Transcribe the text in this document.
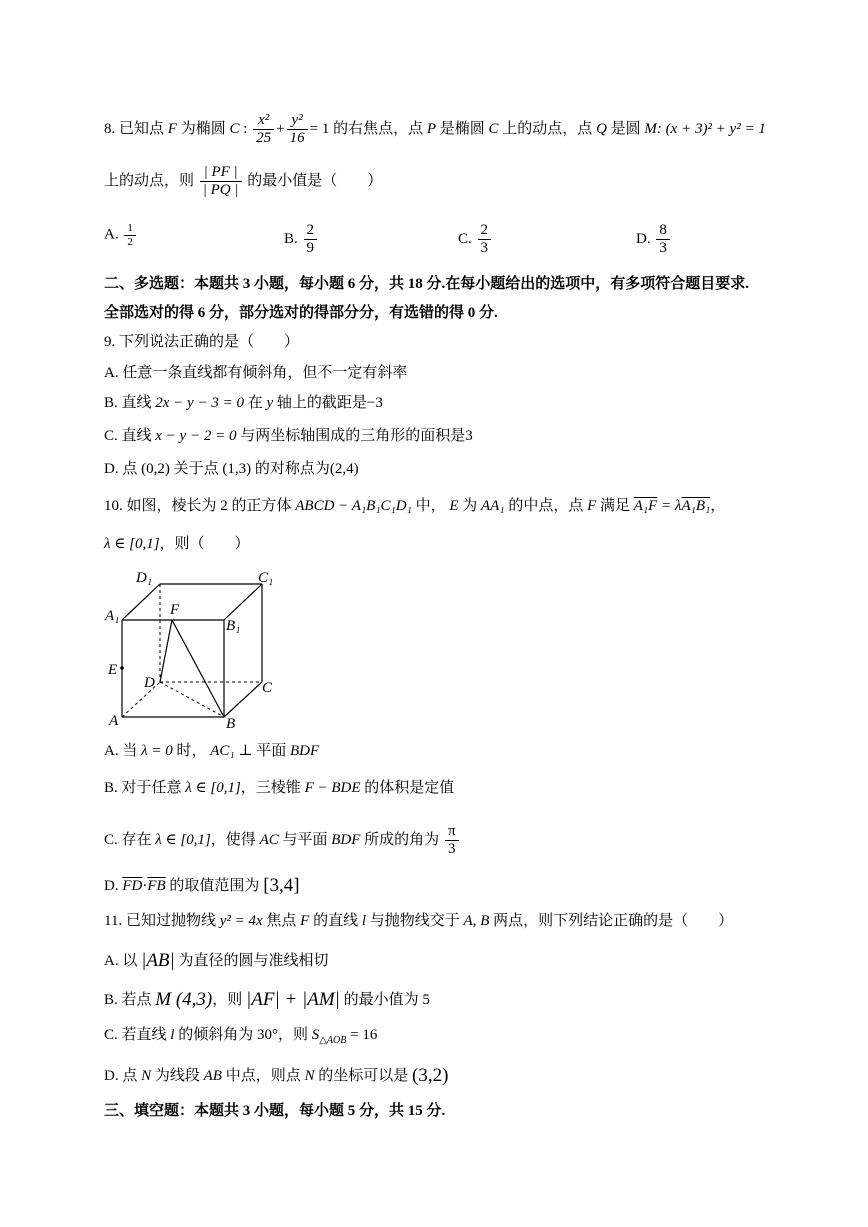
8. 已知点 F 为椭圆 C : $\frac{\text{x²}}{25} + \frac{\text{y²}}{16} = 1$ 的右焦点，点 P 是椭圆 C 上的动点，点 Q 是圆 M: (x + 3)² + y² = 1
上的动点，则 $\frac{| PF |}{| PQ |}$ 的最小值是（　　）
A. $\frac{1}{2}$	B. $\frac{2}{9}$	C. $\frac{2}{3}$	D. $\frac{8}{3}$
二、多选题：本题共 3 小题，每小题 6 分，共 18 分.在每小题给出的选项中，有多项符合题目要求.
全部选对的得 6 分，部分选对的得部分分，有选错的得 0 分.
9. 下列说法正确的是（　　）
A. 任意一条直线都有倾斜角，但不一定有斜率
B. 直线 2x − y − 3 = 0 在 y 轴上的截距是−3
C. 直线 x − y − 2 = 0 与两坐标轴围成的三角形的面积是3
D. 点 (0,2) 关于点 (1,3) 的对称点为(2,4)
10. 如图，棱长为 2 的正方体 ABCD − A₁B₁C₁D₁ 中， E 为 AA₁ 的中点，点 F 满足 A₁F = λA₁B₁，
λ ∈ [0,1]，则（　　）
D₁	C₁
A₁
B₁
F
E
D	C
A	B
A. 当 λ = 0 时， AC₁ ⊥ 平面 BDF
B. 对于任意 λ ∈ [0,1]，三棱锥 F − BDE 的体积是定值
C. 存在 λ ∈ [0,1]，使得 AC 与平面 BDF 所成的角为 $\frac{\pi}{3}$
D. $\overline{FD}\cdot\overline{FB}$ 的取值范围为 [3,4]
11. 已知过抛物线 y² = 4x 焦点 F 的直线 l 与抛物线交于 A, B 两点，则下列结论正确的是（　　）
A. 以 |AB| 为直径的圆与准线相切
B. 若点 M (4,3)，则 |AF| + |AM| 的最小值为 5
C. 若直线 l 的倾斜角为 30°，则 $S_{\triangle AOB} = 16$
D. 点 N 为线段 AB 中点，则点 N 的坐标可以是 (3,2)
三、填空题：本题共 3 小题，每小题 5 分，共 15 分.
